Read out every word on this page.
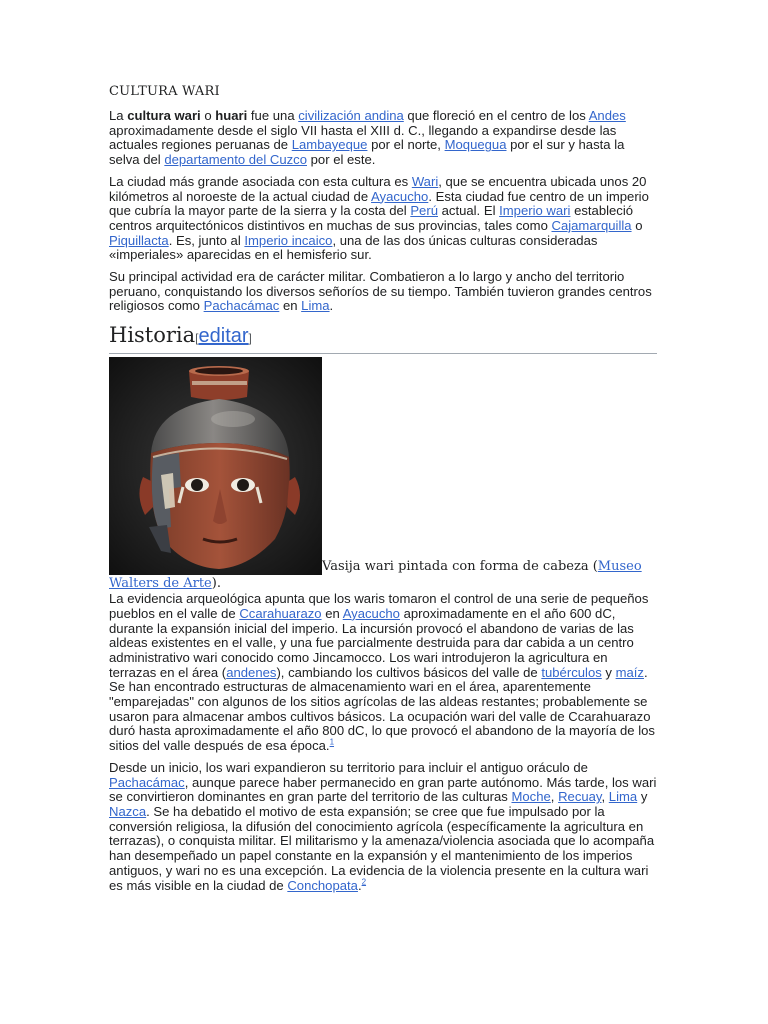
CULTURA WARI

La cultura wari o huari fue una civilización andina que floreció en el centro de los Andes aproximadamente desde el siglo VII hasta el XIII d. C., llegando a expandirse desde las actuales regiones peruanas de Lambayeque por el norte, Moquegua por el sur y hasta la selva del departamento del Cuzco por el este.

La ciudad más grande asociada con esta cultura es Wari, que se encuentra ubicada unos 20 kilómetros al noroeste de la actual ciudad de Ayacucho. Esta ciudad fue centro de un imperio que cubría la mayor parte de la sierra y la costa del Perú actual. El Imperio wari estableció centros arquitectónicos distintivos en muchas de sus provincias, tales como Cajamarquilla o Piquillacta. Es, junto al Imperio incaico, una de las dos únicas culturas consideradas «imperiales» aparecidas en el hemisferio sur.

Su principal actividad era de carácter militar. Combatieron a lo largo y ancho del territorio peruano, conquistando los diversos señoríos de su tiempo. También tuvieron grandes centros religiosos como Pachacámac en Lima.

Historia[editar]
Vasija wari pintada con forma de cabeza (Museo Walters de Arte).

La evidencia arqueológica apunta que los waris tomaron el control de una serie de pequeños pueblos en el valle de Ccarahuarazo en Ayacucho aproximadamente en el año 600 dC, durante la expansión inicial del imperio. La incursión provocó el abandono de varias de las aldeas existentes en el valle, y una fue parcialmente destruida para dar cabida a un centro administrativo wari conocido como Jincamocco. Los wari introdujeron la agricultura en terrazas en el área (andenes), cambiando los cultivos básicos del valle de tubérculos y maíz. Se han encontrado estructuras de almacenamiento wari en el área, aparentemente "emparejadas" con algunos de los sitios agrícolas de las aldeas restantes; probablemente se usaron para almacenar ambos cultivos básicos. La ocupación wari del valle de Ccarahuarazo duró hasta aproximadamente el año 800 dC, lo que provocó el abandono de la mayoría de los sitios del valle después de esa época.$^1$

Desde un inicio, los wari expandieron su territorio para incluir el antiguo oráculo de Pachacámac, aunque parece haber permanecido en gran parte autónomo. Más tarde, los wari se convirtieron dominantes en gran parte del territorio de las culturas Moche, Recuay, Lima y Nazca. Se ha debatido el motivo de esta expansión; se cree que fue impulsado por la conversión religiosa, la difusión del conocimiento agrícola (específicamente la agricultura en terrazas), o conquista militar. El militarismo y la amenaza/violencia asociada que lo acompaña han desempeñado un papel constante en la expansión y el mantenimiento de los imperios antiguos, y wari no es una excepción. La evidencia de la violencia presente en la cultura wari es más visible en la ciudad de Conchopata.$^2$
